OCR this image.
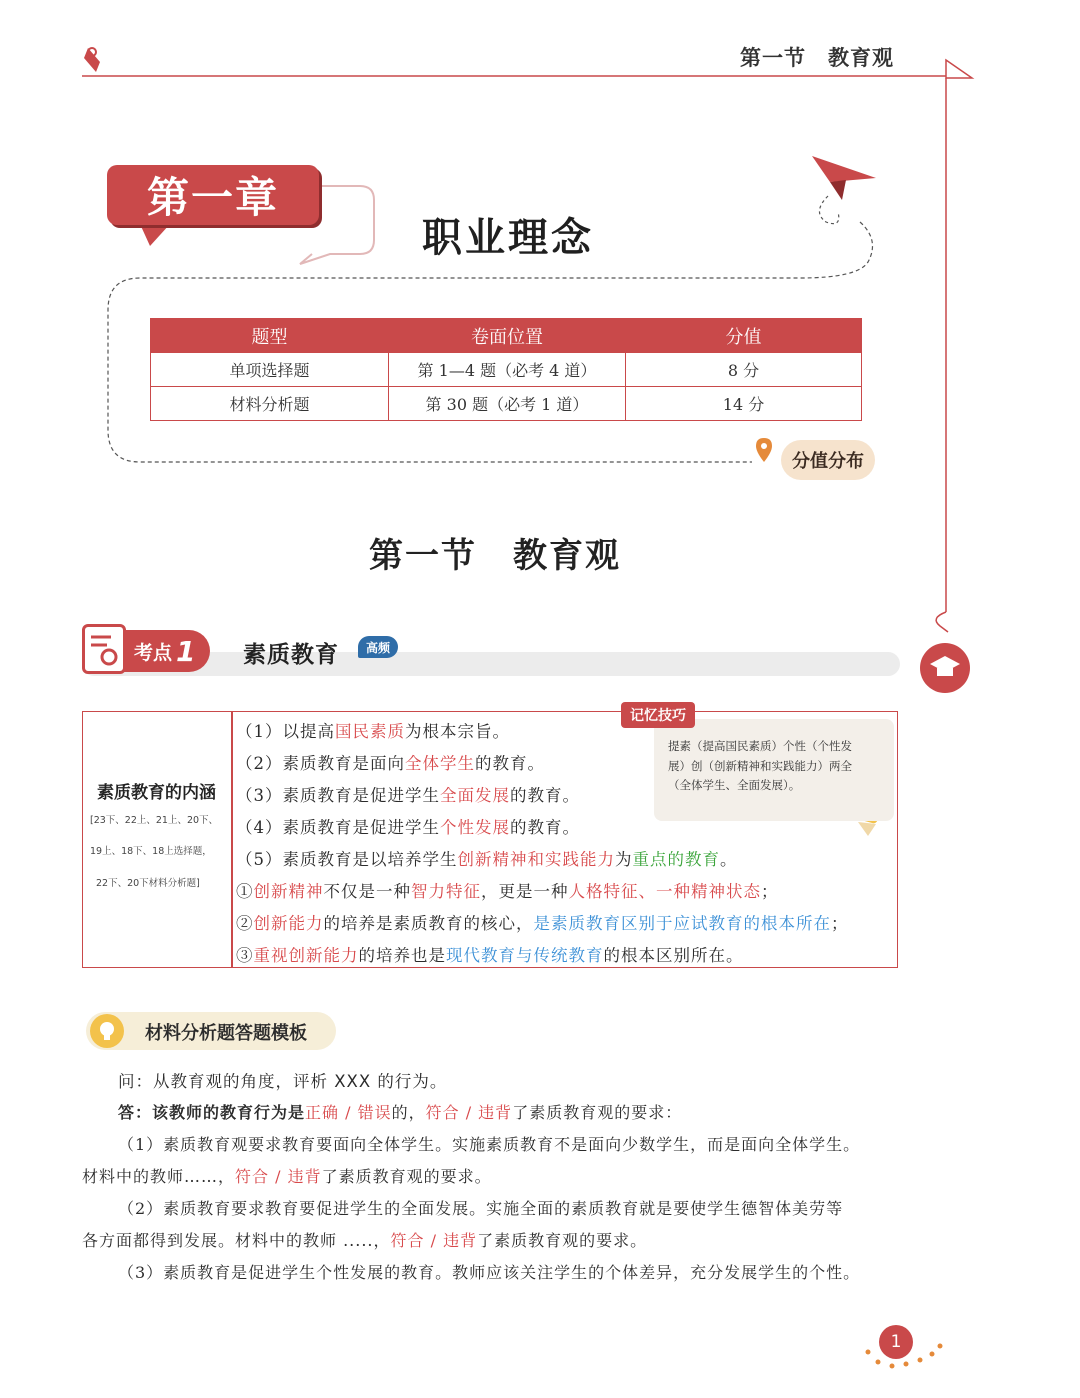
第一节 教育观
第一章
职业理念
题型	卷面位置	分值
单项选择题	第 1—4 题（必考 4 道）	8 分
材料分析题	第 30 题（必考 1 道）	14 分
分值分布
第一节 教育观
考点 1 素质教育	高频
素质教育的内涵
[23下、22上、21上、20下、
19上、18下、18上选择题，
22下、20下材料分析题]
（1）以提高国民素质为根本宗旨。
（2）素质教育是面向全体学生的教育。
（3）素质教育是促进学生全面发展的教育。
（4）素质教育是促进学生个性发展的教育。
（5）素质教育是以培养学生创新精神和实践能力为重点的教育。
①创新精神不仅是一种智力特征，更是一种人格特征、一种精神状态；
②创新能力的培养是素质教育的核心，是素质教育区别于应试教育的根本所在；
③重视创新能力的培养也是现代教育与传统教育的根本区别所在。
记忆技巧
提素（提高国民素质）个性（个性发展）创（创新精神和实践能力）两全（全体学生、全面发展）。
材料分析题答题模板
问：从教育观的角度，评析 XXX 的行为。
答：该教师的教育行为是正确 / 错误的，符合 / 违背了素质教育观的要求：
（1）素质教育观要求教育要面向全体学生。实施素质教育不是面向少数学生，而是面向全体学生。
材料中的教师……，符合 / 违背了素质教育观的要求。
（2）素质教育要求教育要促进学生的全面发展。实施全面的素质教育就是要使学生德智体美劳等
各方面都得到发展。材料中的教师 .....，符合 / 违背了素质教育观的要求。
（3）素质教育是促进学生个性发展的教育。教师应该关注学生的个体差异，充分发展学生的个性。
1
